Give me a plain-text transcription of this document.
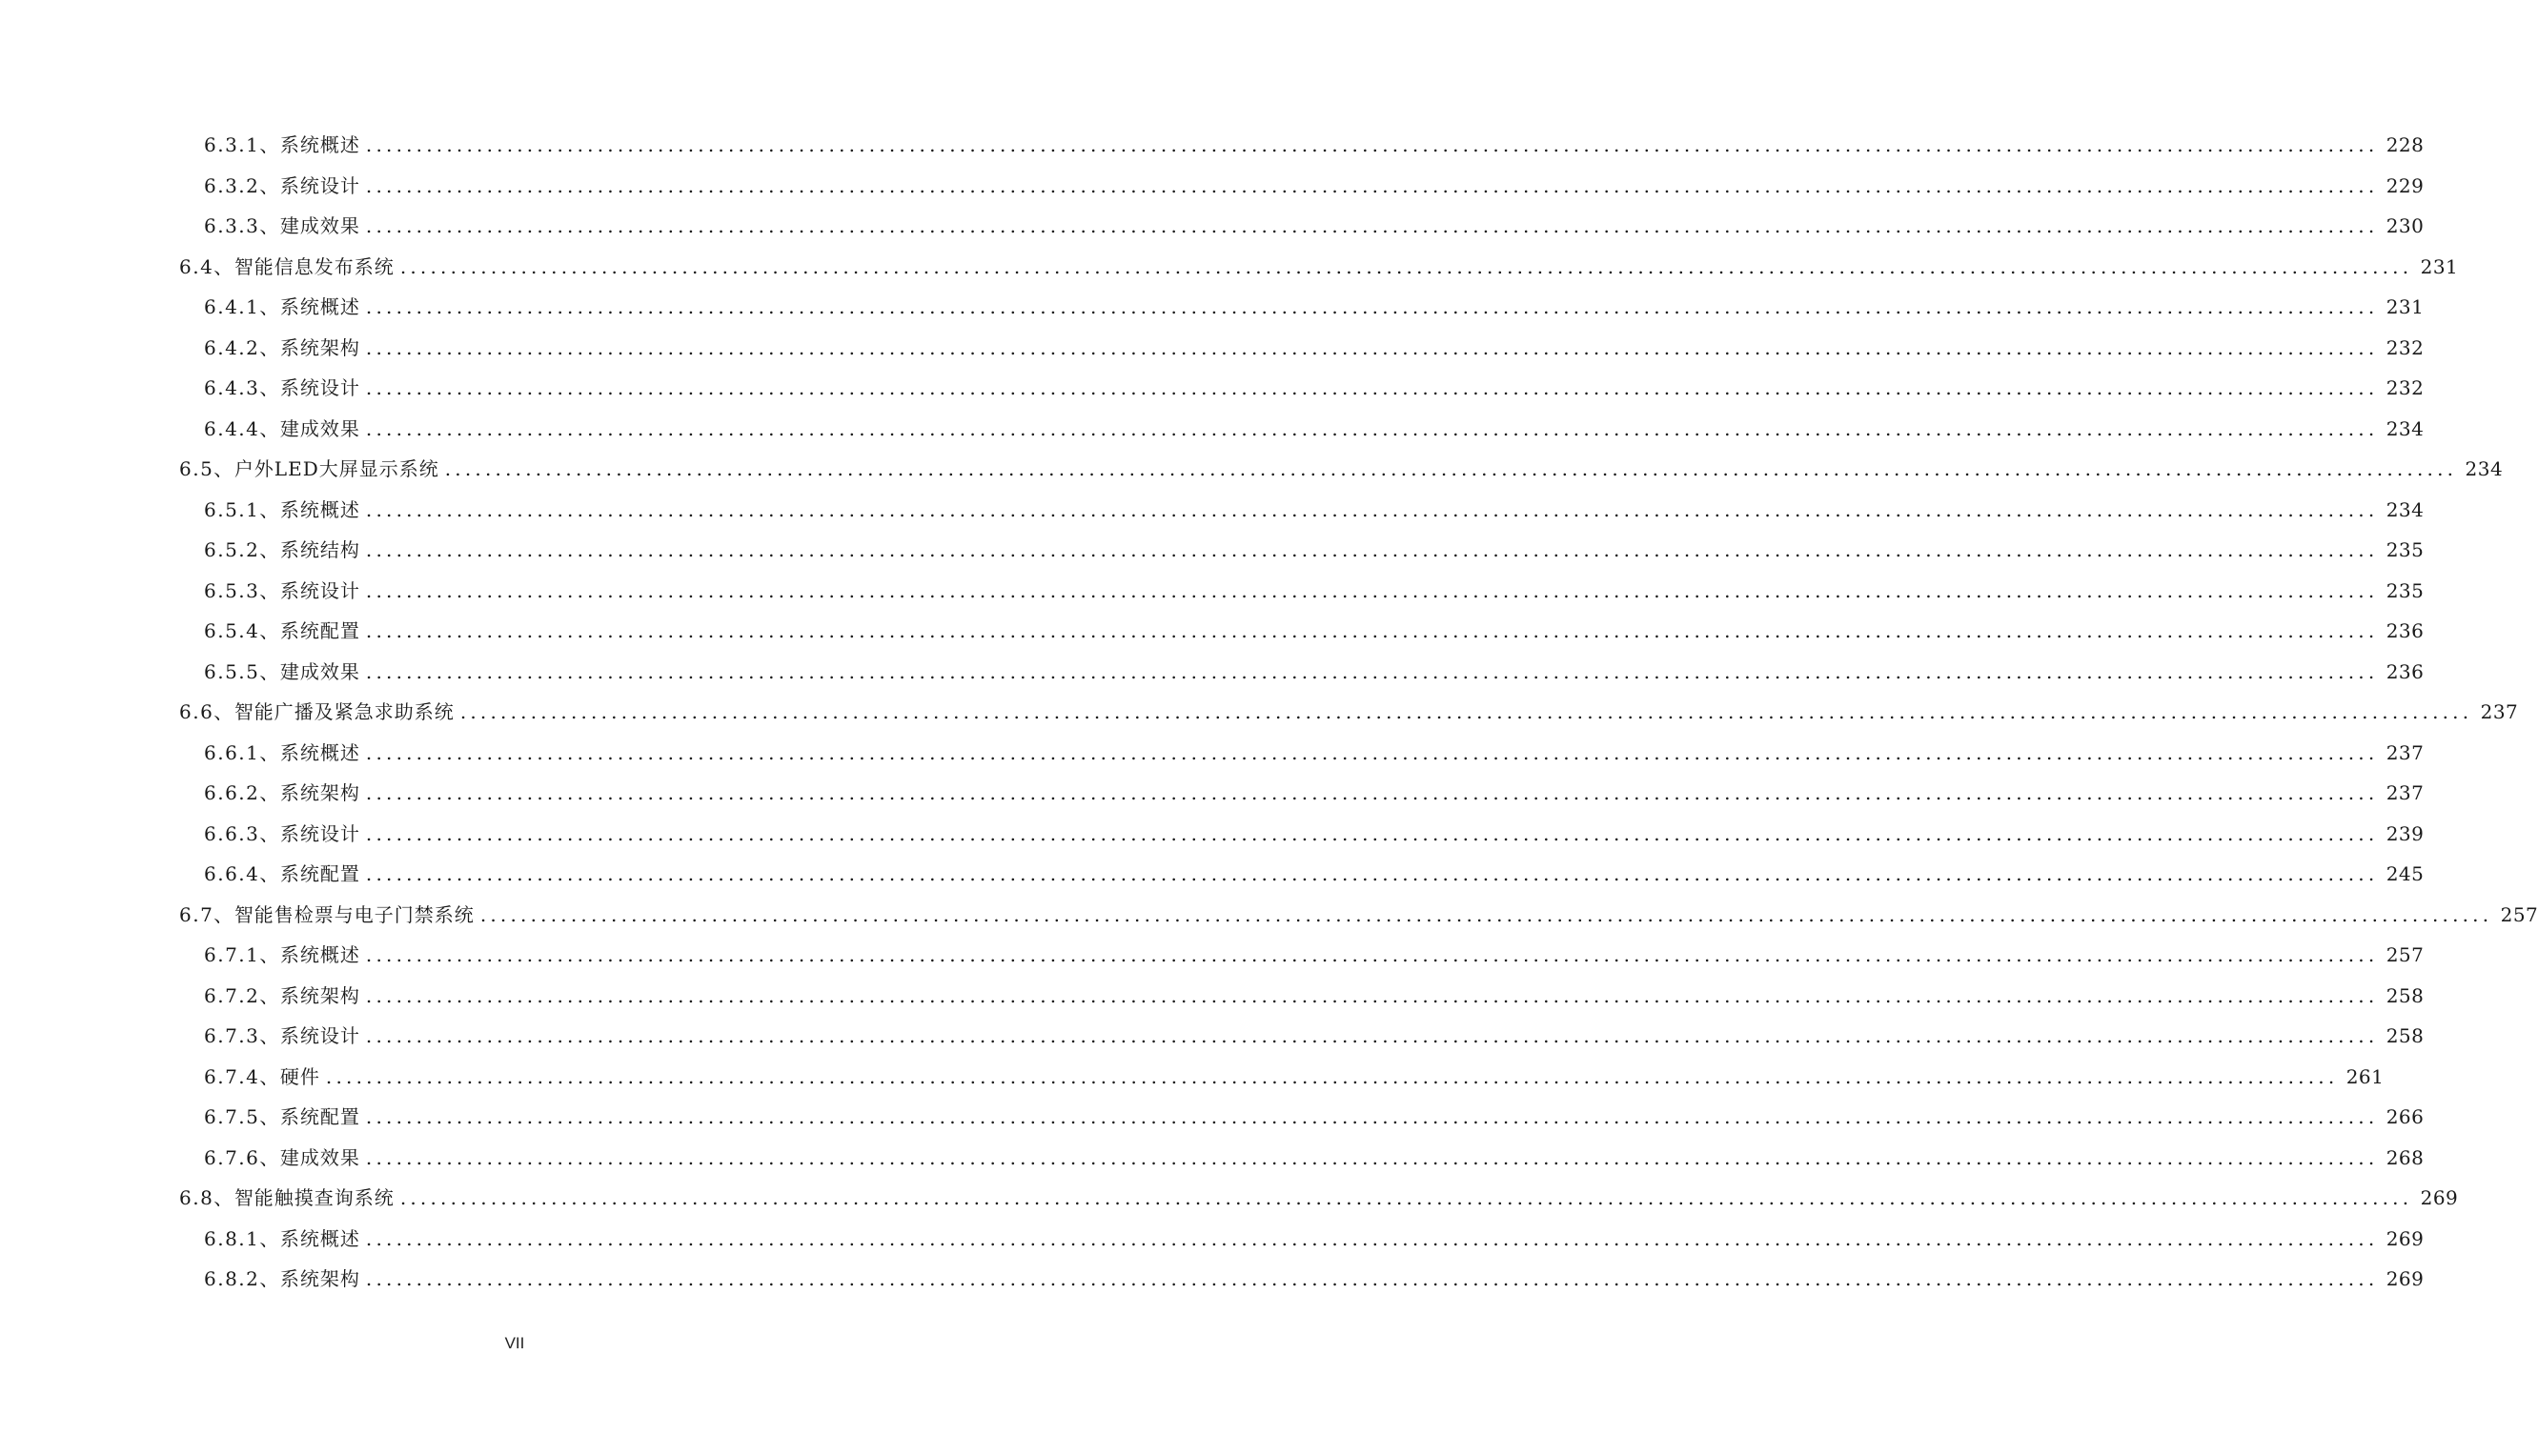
6.3.1、 系统概述 ........................................................................................................................................................................................................ 228
6.3.2、 系统设计 ........................................................................................................................................................................................................ 229
6.3.3、 建成效果 ........................................................................................................................................................................................................ 230
6.4、 智能信息发布系统 ........................................................................................................................................................................................................ 231
6.4.1、 系统概述 ........................................................................................................................................................................................................ 231
6.4.2、 系统架构 ........................................................................................................................................................................................................ 232
6.4.3、 系统设计 ........................................................................................................................................................................................................ 232
6.4.4、 建成效果 ........................................................................................................................................................................................................ 234
6.5、 户外LED大屏显示系统 ........................................................................................................................................................................................................ 234
6.5.1、 系统概述 ........................................................................................................................................................................................................ 234
6.5.2、 系统结构 ........................................................................................................................................................................................................ 235
6.5.3、 系统设计 ........................................................................................................................................................................................................ 235
6.5.4、 系统配置 ........................................................................................................................................................................................................ 236
6.5.5、 建成效果 ........................................................................................................................................................................................................ 236
6.6、 智能广播及紧急求助系统 ........................................................................................................................................................................................................ 237
6.6.1、 系统概述 ........................................................................................................................................................................................................ 237
6.6.2、 系统架构 ........................................................................................................................................................................................................ 237
6.6.3、 系统设计 ........................................................................................................................................................................................................ 239
6.6.4、 系统配置 ........................................................................................................................................................................................................ 245
6.7、 智能售检票与电子门禁系统 ........................................................................................................................................................................................................ 257
6.7.1、 系统概述 ........................................................................................................................................................................................................ 257
6.7.2、 系统架构 ........................................................................................................................................................................................................ 258
6.7.3、 系统设计 ........................................................................................................................................................................................................ 258
6.7.4、 硬件 ........................................................................................................................................................................................................ 261
6.7.5、 系统配置 ........................................................................................................................................................................................................ 266
6.7.6、 建成效果 ........................................................................................................................................................................................................ 268
6.8、 智能触摸查询系统 ........................................................................................................................................................................................................ 269
6.8.1、 系统概述 ........................................................................................................................................................................................................ 269
6.8.2、 系统架构 ........................................................................................................................................................................................................ 269
VII
